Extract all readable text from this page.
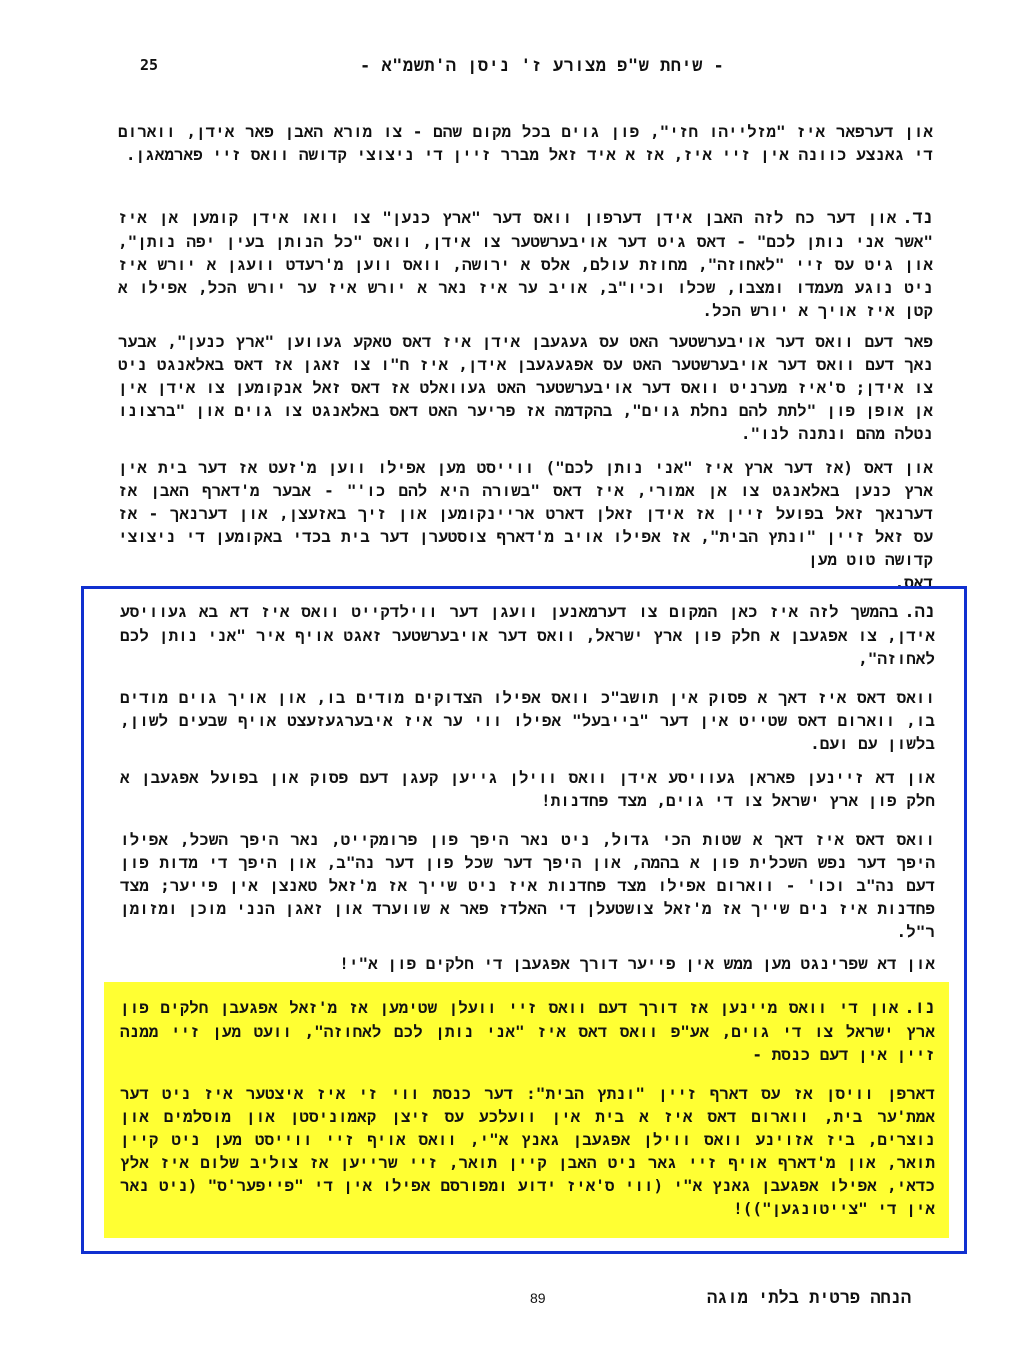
25	- שיחת ש"פ מצורע ז' ניסן ה'תשמ"א -

און דערפאר איז "מזלייהו חזי", פון גוים בכל מקום שהם - צו מורא האבן פאר אידן, ווארום די גאנצע כוונה אין זיי איז, אז א איד זאל מברר זיין די ניצוצי קדושה וואס זיי פארמאגן.

נד.און דער כח לזה האבן אידן דערפון וואס דער "ארץ כנען" צו וואו אידן קומען אן איז "אשר אני נותן לכם" - דאס גיט דער אויבערשטער צו אידן, וואס "כל הנותן בעין יפה נותן", און גיט עס זיי "לאחוזה", מחוזת עולם, אלס א ירושה, וואס ווען מ'רעדט וועגן א יורש איז ניט נוגע מעמדו ומצבו, שכלו וכיו"ב, אויב ער איז נאר א יורש איז ער יורש הכל, אפילו א קטן איז אויך א יורש הכל.

פאר דעם וואס דער אויבערשטער האט עס געגעבן אידן איז דאס טאקע געווען "ארץ כנען", אבער נאך דעם וואס דער אויבערשטער האט עס אפגעגעבן אידן, איז ח"ו צו זאגן אז דאס באלאנגט ניט צו אידן; ס'איז מערניט וואס דער אויבערשטער האט געוואלט אז דאס זאל אנקומען צו אידן אין אן אופן פון "לתת להם נחלת גוים", בהקדמה אז פריער האט דאס באלאנגט צו גוים און "ברצונו נטלה מהם ונתנה לנו".

און דאס (אז דער ארץ איז "אני נותן לכם") ווייסט מען אפילו ווען מ'זעט אז דער בית אין ארץ כנען באלאנגט צו אן אמורי, איז דאס "בשורה היא להם כו'" - אבער מ'דארף האבן אז דערנאך זאל בפועל זיין אז אידן זאלן דארט אריינקומען און זיך באזעצן, און דערנאך - אז עס זאל זיין "ונתץ הבית", אז אפילו אויב מ'דארף צוסטערן דער בית בכדי באקומען די ניצוצי קדושה טוט מען
דאס.

נה.בהמשך לזה איז כאן המקום צו דערמאנען וועגן דער ווילדקייט וואס איז דא בא געוויסע אידן, צו אפגעבן א חלק פון ארץ ישראל, וואס דער אויבערשטער זאגט אויף איר "אני נותן לכם לאחוזה",

וואס דאס איז דאך א פסוק אין תושב"כ וואס אפילו הצדוקים מודים בו, און אויך גוים מודים בו, ווארום דאס שטייט אין דער "בייבעל" אפילו ווי ער איז איבערגעזעצט אויף שבעים לשון, בלשון עם ועם.

און דא זיינען פאראן געוויסע אידן וואס ווילן גייען קעגן דעם פסוק און בפועל אפגעבן א חלק פון ארץ ישראל צו די גוים, מצד פחדנות!

וואס דאס איז דאך א שטות הכי גדול, ניט נאר היפך פון פרומקייט, נאר היפך השכל, אפילו היפך דער נפש השכלית פון א בהמה, און היפך דער שכל פון דער נה"ב, און היפך די מדות פון דעם נה"ב וכו' - ווארום אפילו מצד פחדנות איז ניט שייך אז מ'זאל טאנצן אין פייער; מצד פחדנות איז נים שייך אז מ'זאל צושטעלן די האלדז פאר א שווערד און זאגן הנני מוכן ומזומן ר"ל.

און דא שפרינגט מען ממש אין פייער דורך אפגעבן די חלקים פון א"י!

נו.און די וואס מיינען אז דורך דעם וואס זיי וועלן שטימען אז מ'זאל אפגעבן חלקים פון ארץ ישראל צו די גוים, אע"פ וואס דאס איז "אני נותן לכם לאחוזה", וועט מען זיי ממנה זיין אין דעם כנסת -

דארפן וויסן אז עס דארף זיין "ונתץ הבית": דער כנסת ווי זי איז איצטער איז ניט דער אמת'ער בית, ווארום דאס איז א בית אין וועלכע עס זיצן קאמוניסטן און מוסלמים און נוצרים, ביז אזוינע וואס ווילן אפגעבן גאנץ א"י, וואס אויף זיי ווייסט מען ניט קיין תואר, און מ'דארף אויף זיי גאר ניט האבן קיין תואר, זיי שרייען אז צוליב שלום איז אלץ כדאי, אפילו אפגעבן גאנץ א"י (ווי ס'איז ידוע ומפורסם אפילו אין די "פייפער'ס" (ניט נאר אין די "צייטונגען"))!

89	הנחה פרטית בלתי מוגה
